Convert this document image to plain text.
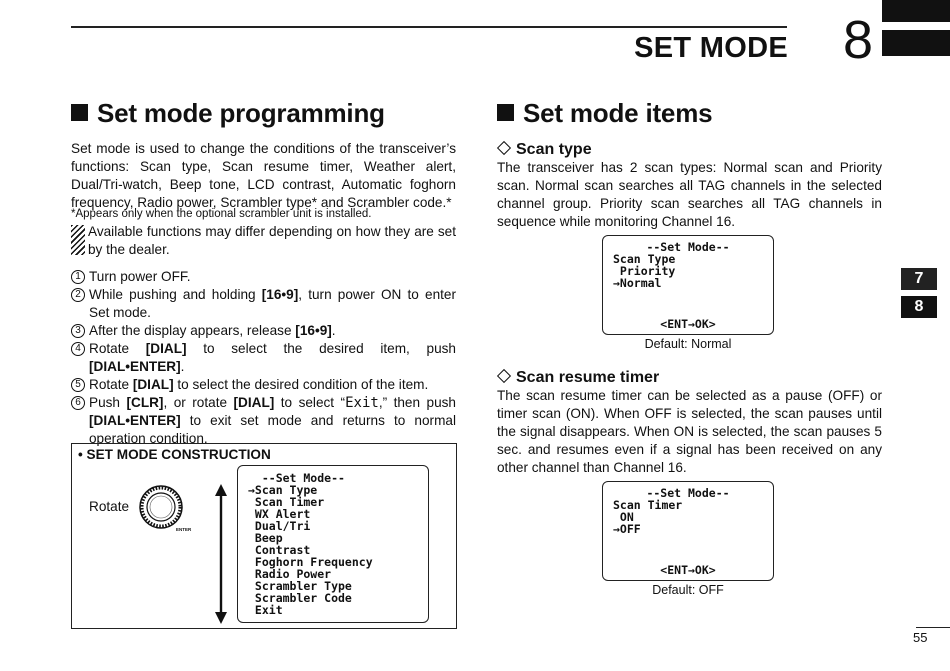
SET MODE 8
7
8
Set mode programming

Set mode is used to change the conditions of the transceiver’s functions: Scan type, Scan resume timer, Weather alert, Dual/Tri-watch, Beep tone, LCD contrast, Automatic foghorn frequency, Radio power, Scrambler type* and Scrambler code.*

*Appears only when the optional scrambler unit is installed.

Available functions may differ depending on how they are set by the dealer.

1 Turn power OFF.
2 While pushing and holding [16•9], turn power ON to enter Set mode.
3 After the display appears, release [16•9].
4 Rotate [DIAL] to select the desired item, push [DIAL•ENTER].
5 Rotate [DIAL] to select the desired condition of the item.
6 Push [CLR], or rotate [DIAL] to select “Exit,” then push [DIAL•ENTER] to exit set mode and returns to normal operation condition.
• SET MODE CONSTRUCTION
Rotate
ENTER
--Set Mode--
→Scan Type
Scan Timer
WX Alert
Dual/Tri
Beep
Contrast
Foghorn Frequency
Radio Power
Scrambler Type
Scrambler Code
Exit
Set mode items
Scan type

The transceiver has 2 scan types: Normal scan and Priority scan. Normal scan searches all TAG channels in the selected channel group. Priority scan searches all TAG channels in sequence while monitoring Channel 16.

--Set Mode--
Scan Type
Priority
→Normal
<ENT→OK>
Default: Normal
Scan resume timer

The scan resume timer can be selected as a pause (OFF) or timer scan (ON). When OFF is selected, the scan pauses until the signal disappears. When ON is selected, the scan pauses 5 sec. and resumes even if a signal has been received on any other channel than Channel 16.

--Set Mode--
Scan Timer
ON
→OFF
<ENT→OK>
Default: OFF
55
